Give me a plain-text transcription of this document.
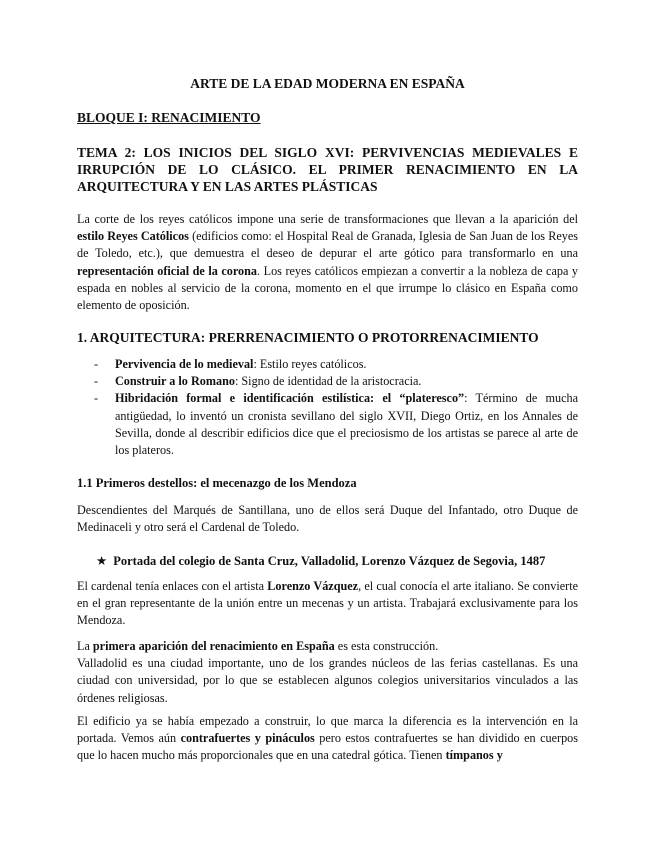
ARTE DE LA EDAD MODERNA EN ESPAÑA
BLOQUE I: RENACIMIENTO
TEMA 2: LOS INICIOS DEL SIGLO XVI: PERVIVENCIAS MEDIEVALES E IRRUPCIÓN DE LO CLÁSICO. EL PRIMER RENACIMIENTO EN LA ARQUITECTURA Y EN LAS ARTES PLÁSTICAS

La corte de los reyes católicos impone una serie de transformaciones que llevan a la aparición del estilo Reyes Católicos (edificios como: el Hospital Real de Granada, Iglesia de San Juan de los Reyes de Toledo, etc.), que demuestra el deseo de depurar el arte gótico para transformarlo en una representación oficial de la corona. Los reyes católicos empiezan a convertir a la nobleza de capa y espada en nobles al servicio de la corona, momento en el que irrumpe lo clásico en España como elemento de oposición.

1. ARQUITECTURA: PRERRENACIMIENTO O PROTORRENACIMIENTO
- Pervivencia de lo medieval: Estilo reyes católicos.
- Construir a lo Romano: Signo de identidad de la aristocracia.
- Hibridación formal e identificación estilística: el “plateresco”: Término de mucha antigüedad, lo inventó un cronista sevillano del siglo XVII, Diego Ortiz, en los Annales de Sevilla, donde al describir edificios dice que el preciosismo de los artistas se parece al arte de los plateros.
1.1 Primeros destellos: el mecenazgo de los Mendoza

Descendientes del Marqués de Santillana, uno de ellos será Duque del Infantado, otro Duque de Medinaceli y otro será el Cardenal de Toledo.

★ Portada del colegio de Santa Cruz, Valladolid, Lorenzo Vázquez de Segovia, 1487

El cardenal tenía enlaces con el artista Lorenzo Vázquez, el cual conocía el arte italiano. Se convierte en el gran representante de la unión entre un mecenas y un artista. Trabajará exclusivamente para los Mendoza.

La primera aparición del renacimiento en España es esta construcción.
Valladolid es una ciudad importante, uno de los grandes núcleos de las ferias castellanas. Es una ciudad con universidad, por lo que se establecen algunos colegios universitarios vinculados a las órdenes religiosas.

El edificio ya se había empezado a construir, lo que marca la diferencia es la intervención en la portada. Vemos aún contrafuertes y pináculos pero estos contrafuertes se han dividido en cuerpos que lo hacen mucho más proporcionales que en una catedral gótica. Tienen tímpanos y
